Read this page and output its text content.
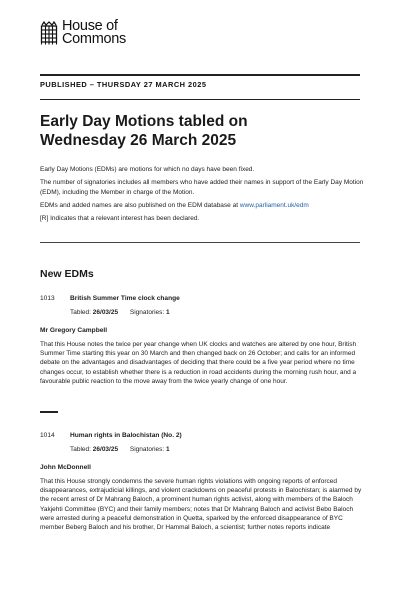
House of
Commons
PUBLISHED – THURSDAY 27 MARCH 2025
Early Day Motions tabled on
Wednesday 26 March 2025

Early Day Motions (EDMs) are motions for which no days have been fixed.

The number of signatories includes all members who have added their names in support of the Early Day Motion (EDM), including the Member in charge of the Motion.

EDMs and added names are also published on the EDM database at www.parliament.uk/edm

[R] Indicates that a relevant interest has been declared.

New EDMs
1013	British Summer Time clock change
Tabled: 26/03/25 Signatories: 1
Mr Gregory Campbell
That this House notes the twice per year change when UK clocks and watches are altered by one hour, British Summer Time starting this year on 30 March and then changed back on 26 October; and calls for an informed debate on the advantages and disadvantages of deciding that there could be a five year period where no time changes occur, to establish whether there is a reduction in road accidents during the morning rush hour, and a favourable public reaction to the move away from the twice yearly change of one hour.
1014	Human rights in Balochistan (No. 2)
Tabled: 26/03/25 Signatories: 1
John McDonnell
That this House strongly condemns the severe human rights violations with ongoing reports of enforced disappearances, extrajudicial killings, and violent crackdowns on peaceful protests in Balochistan; is alarmed by the recent arrest of Dr Mahrang Baloch, a prominent human rights activist, along with members of the Baloch Yakjehti Committee (BYC) and their family members; notes that Dr Mahrang Baloch and activist Bebo Baloch were arrested during a peaceful demonstration in Quetta, sparked by the enforced disappearance of BYC member Beberg Baloch and his brother, Dr Hammal Baloch, a scientist; further notes reports indicate
